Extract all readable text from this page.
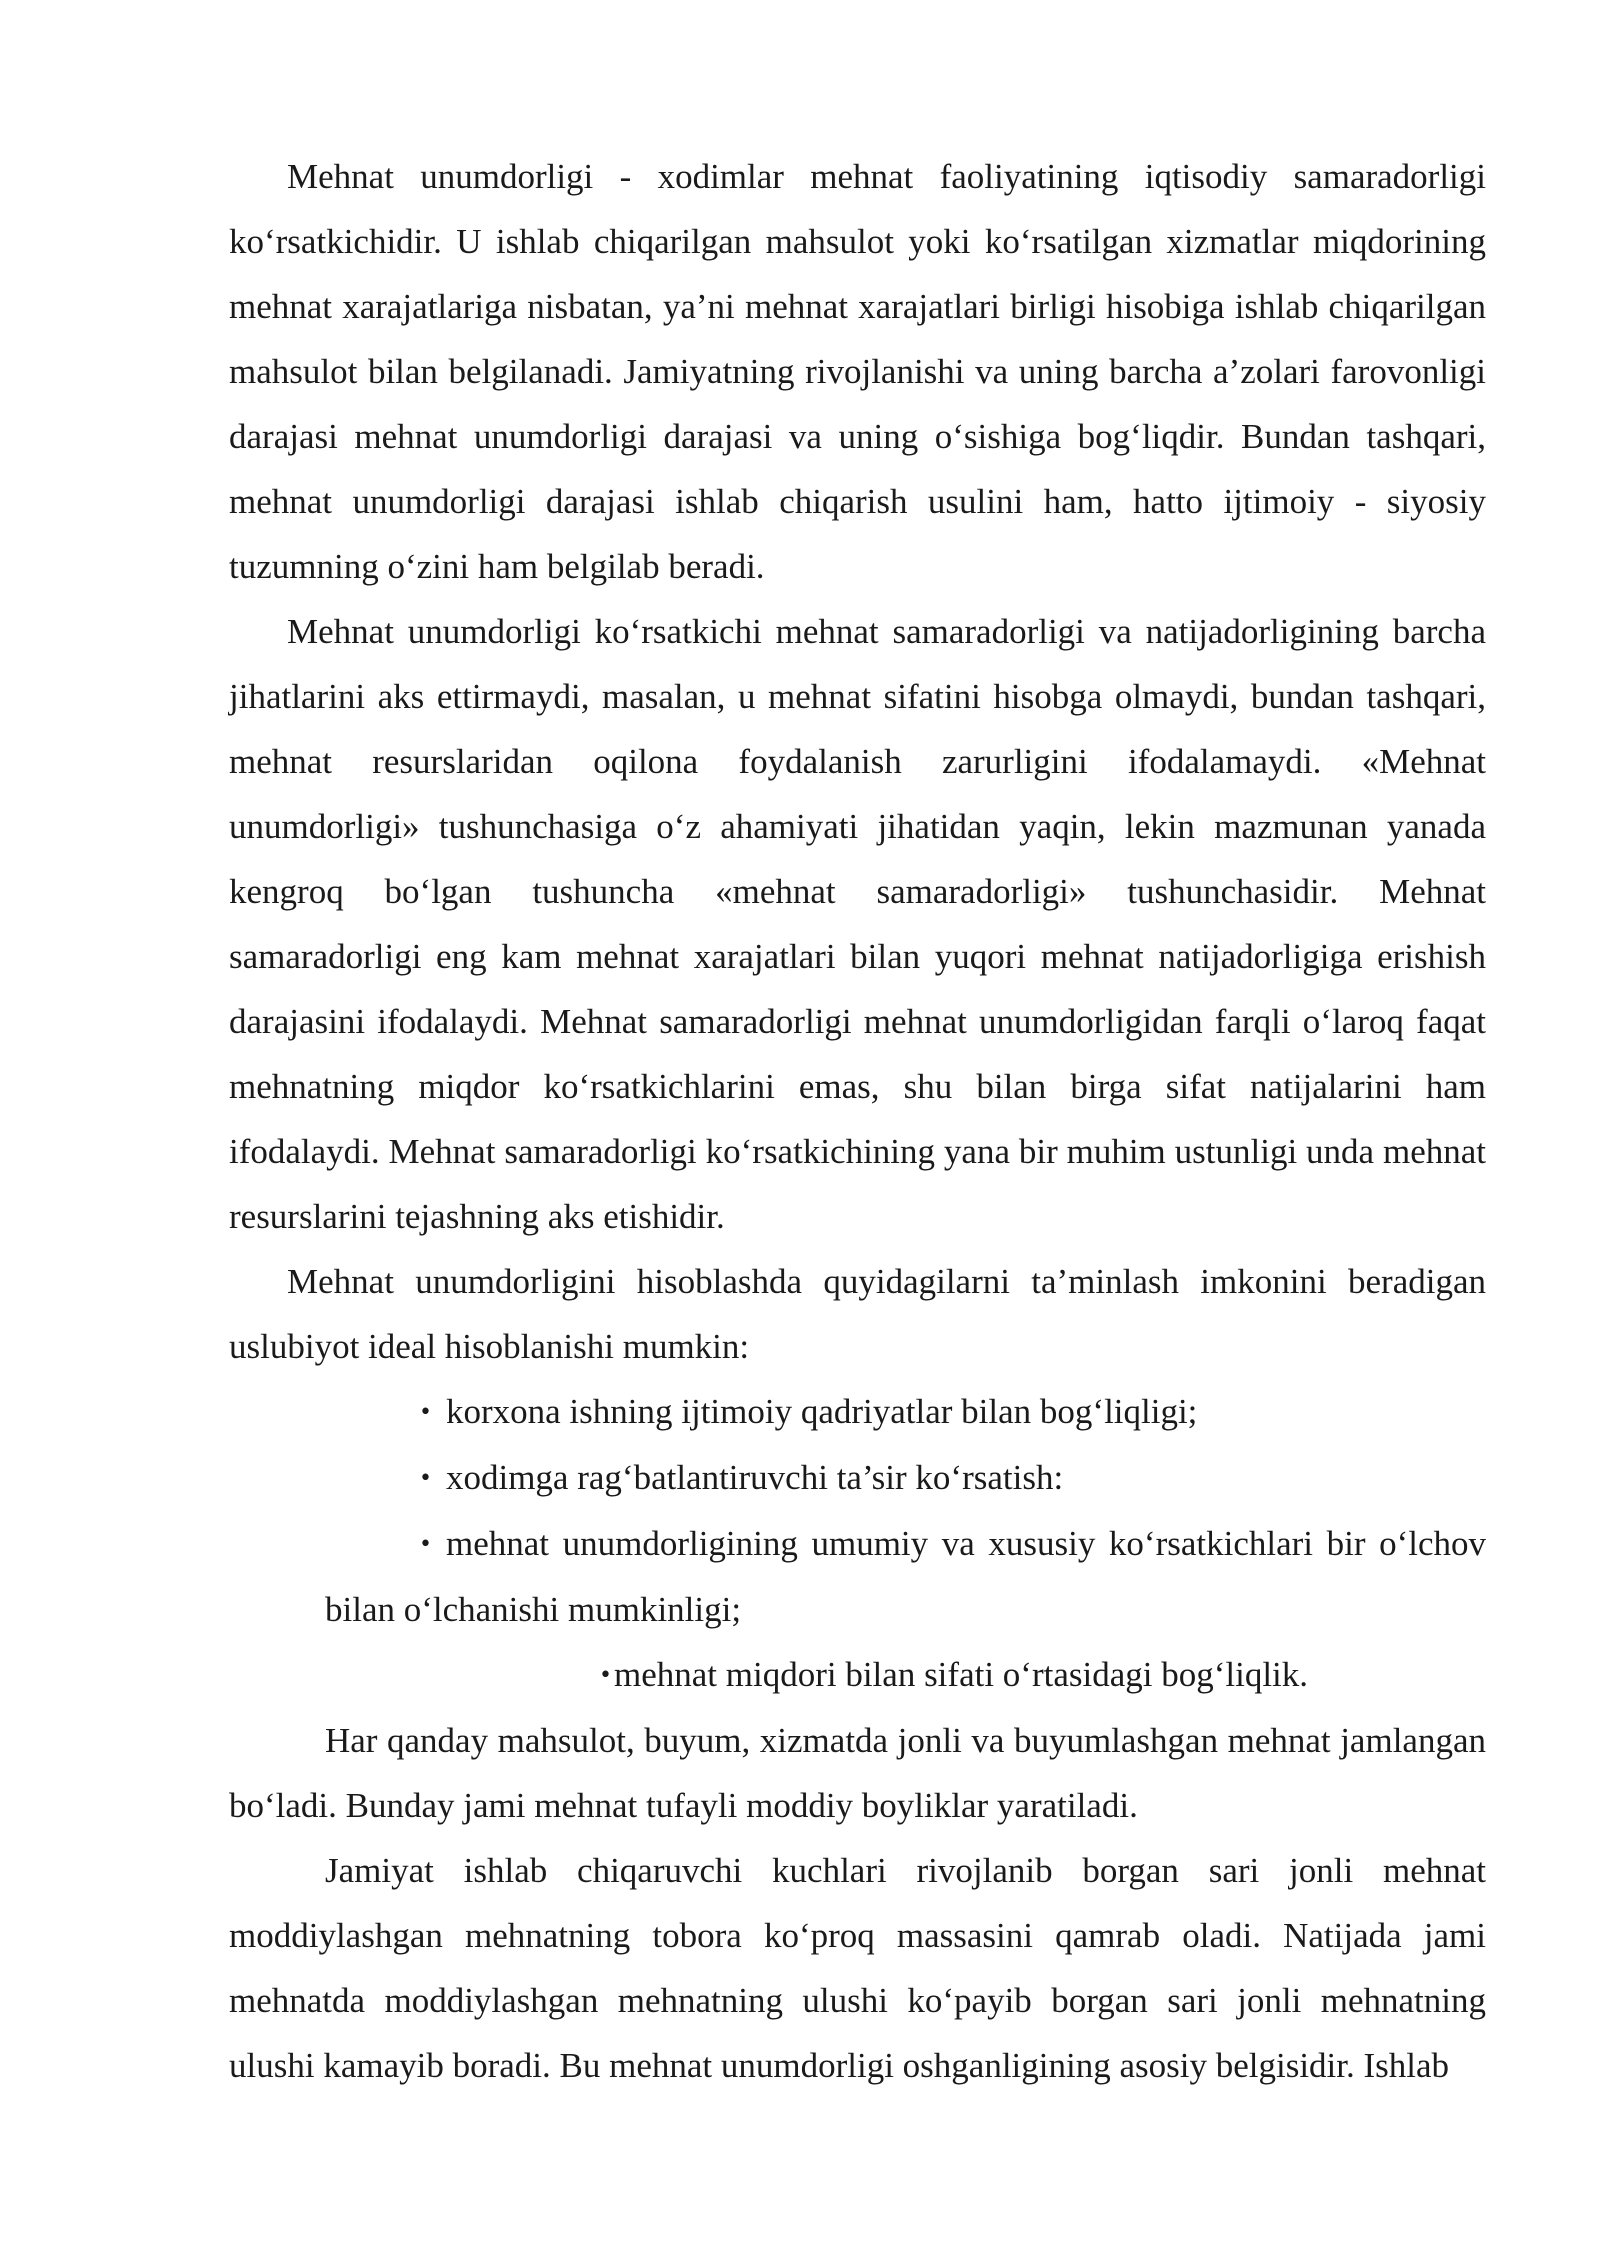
Mehnat unumdorligi - xodimlar mehnat faoliyatining iqtisodiy samaradorligi ko‘rsatkichidir. U ishlab chiqarilgan mahsulot yoki ko‘rsatilgan xizmatlar miqdorining mehnat xarajatlariga nisbatan, ya’ni mehnat xarajatlari birligi hisobiga ishlab chiqarilgan mahsulot bilan belgilanadi. Jamiyatning rivojlanishi va uning barcha a’zolari farovonligi darajasi mehnat unumdorligi darajasi va uning o‘sishiga bog‘liqdir. Bundan tashqari, mehnat unumdorligi darajasi ishlab chiqarish usulini ham, hatto ijtimoiy - siyosiy tuzumning o‘zini ham belgilab beradi.

Mehnat unumdorligi ko‘rsatkichi mehnat samaradorligi va natijadorligining barcha jihatlarini aks ettirmaydi, masalan, u mehnat sifatini hisobga olmaydi, bundan tashqari, mehnat resurslaridan oqilona foydalanish zarurligini ifodalamaydi. «Mehnat unumdorligi» tushunchasiga o‘z ahamiyati jihatidan yaqin, lekin mazmunan yanada kengroq bo‘lgan tushuncha «mehnat samaradorligi» tushunchasidir. Mehnat samaradorligi eng kam mehnat xarajatlari bilan yuqori mehnat natijadorligiga erishish darajasini ifodalaydi. Mehnat samaradorligi mehnat unumdorligidan farqli o‘laroq faqat mehnatning miqdor ko‘rsatkichlarini emas, shu bilan birga sifat natijalarini ham ifodalaydi. Mehnat samaradorligi ko‘rsatkichining yana bir muhim ustunligi unda mehnat resurslarini tejashning aks etishidir.

Mehnat unumdorligini hisoblashda quyidagilarni ta’minlash imkonini beradigan uslubiyot ideal hisoblanishi mumkin:

• korxona ishning ijtimoiy qadriyatlar bilan bog‘liqligi;

• xodimga rag‘batlantiruvchi ta’sir ko‘rsatish:

• mehnat unumdorligining umumiy va xususiy ko‘rsatkichlari bir o‘lchov bilan o‘lchanishi mumkinligi;

•mehnat miqdori bilan sifati o‘rtasidagi bog‘liqlik.

Har qanday mahsulot, buyum, xizmatda jonli va buyumlashgan mehnat jamlangan bo‘ladi. Bunday jami mehnat tufayli moddiy boyliklar yaratiladi.

Jamiyat ishlab chiqaruvchi kuchlari rivojlanib borgan sari jonli mehnat moddiylashgan mehnatning tobora ko‘proq massasini qamrab oladi. Natijada jami mehnatda moddiylashgan mehnatning ulushi ko‘payib borgan sari jonli mehnatning ulushi kamayib boradi. Bu mehnat unumdorligi oshganligining asosiy belgisidir. Ishlab
